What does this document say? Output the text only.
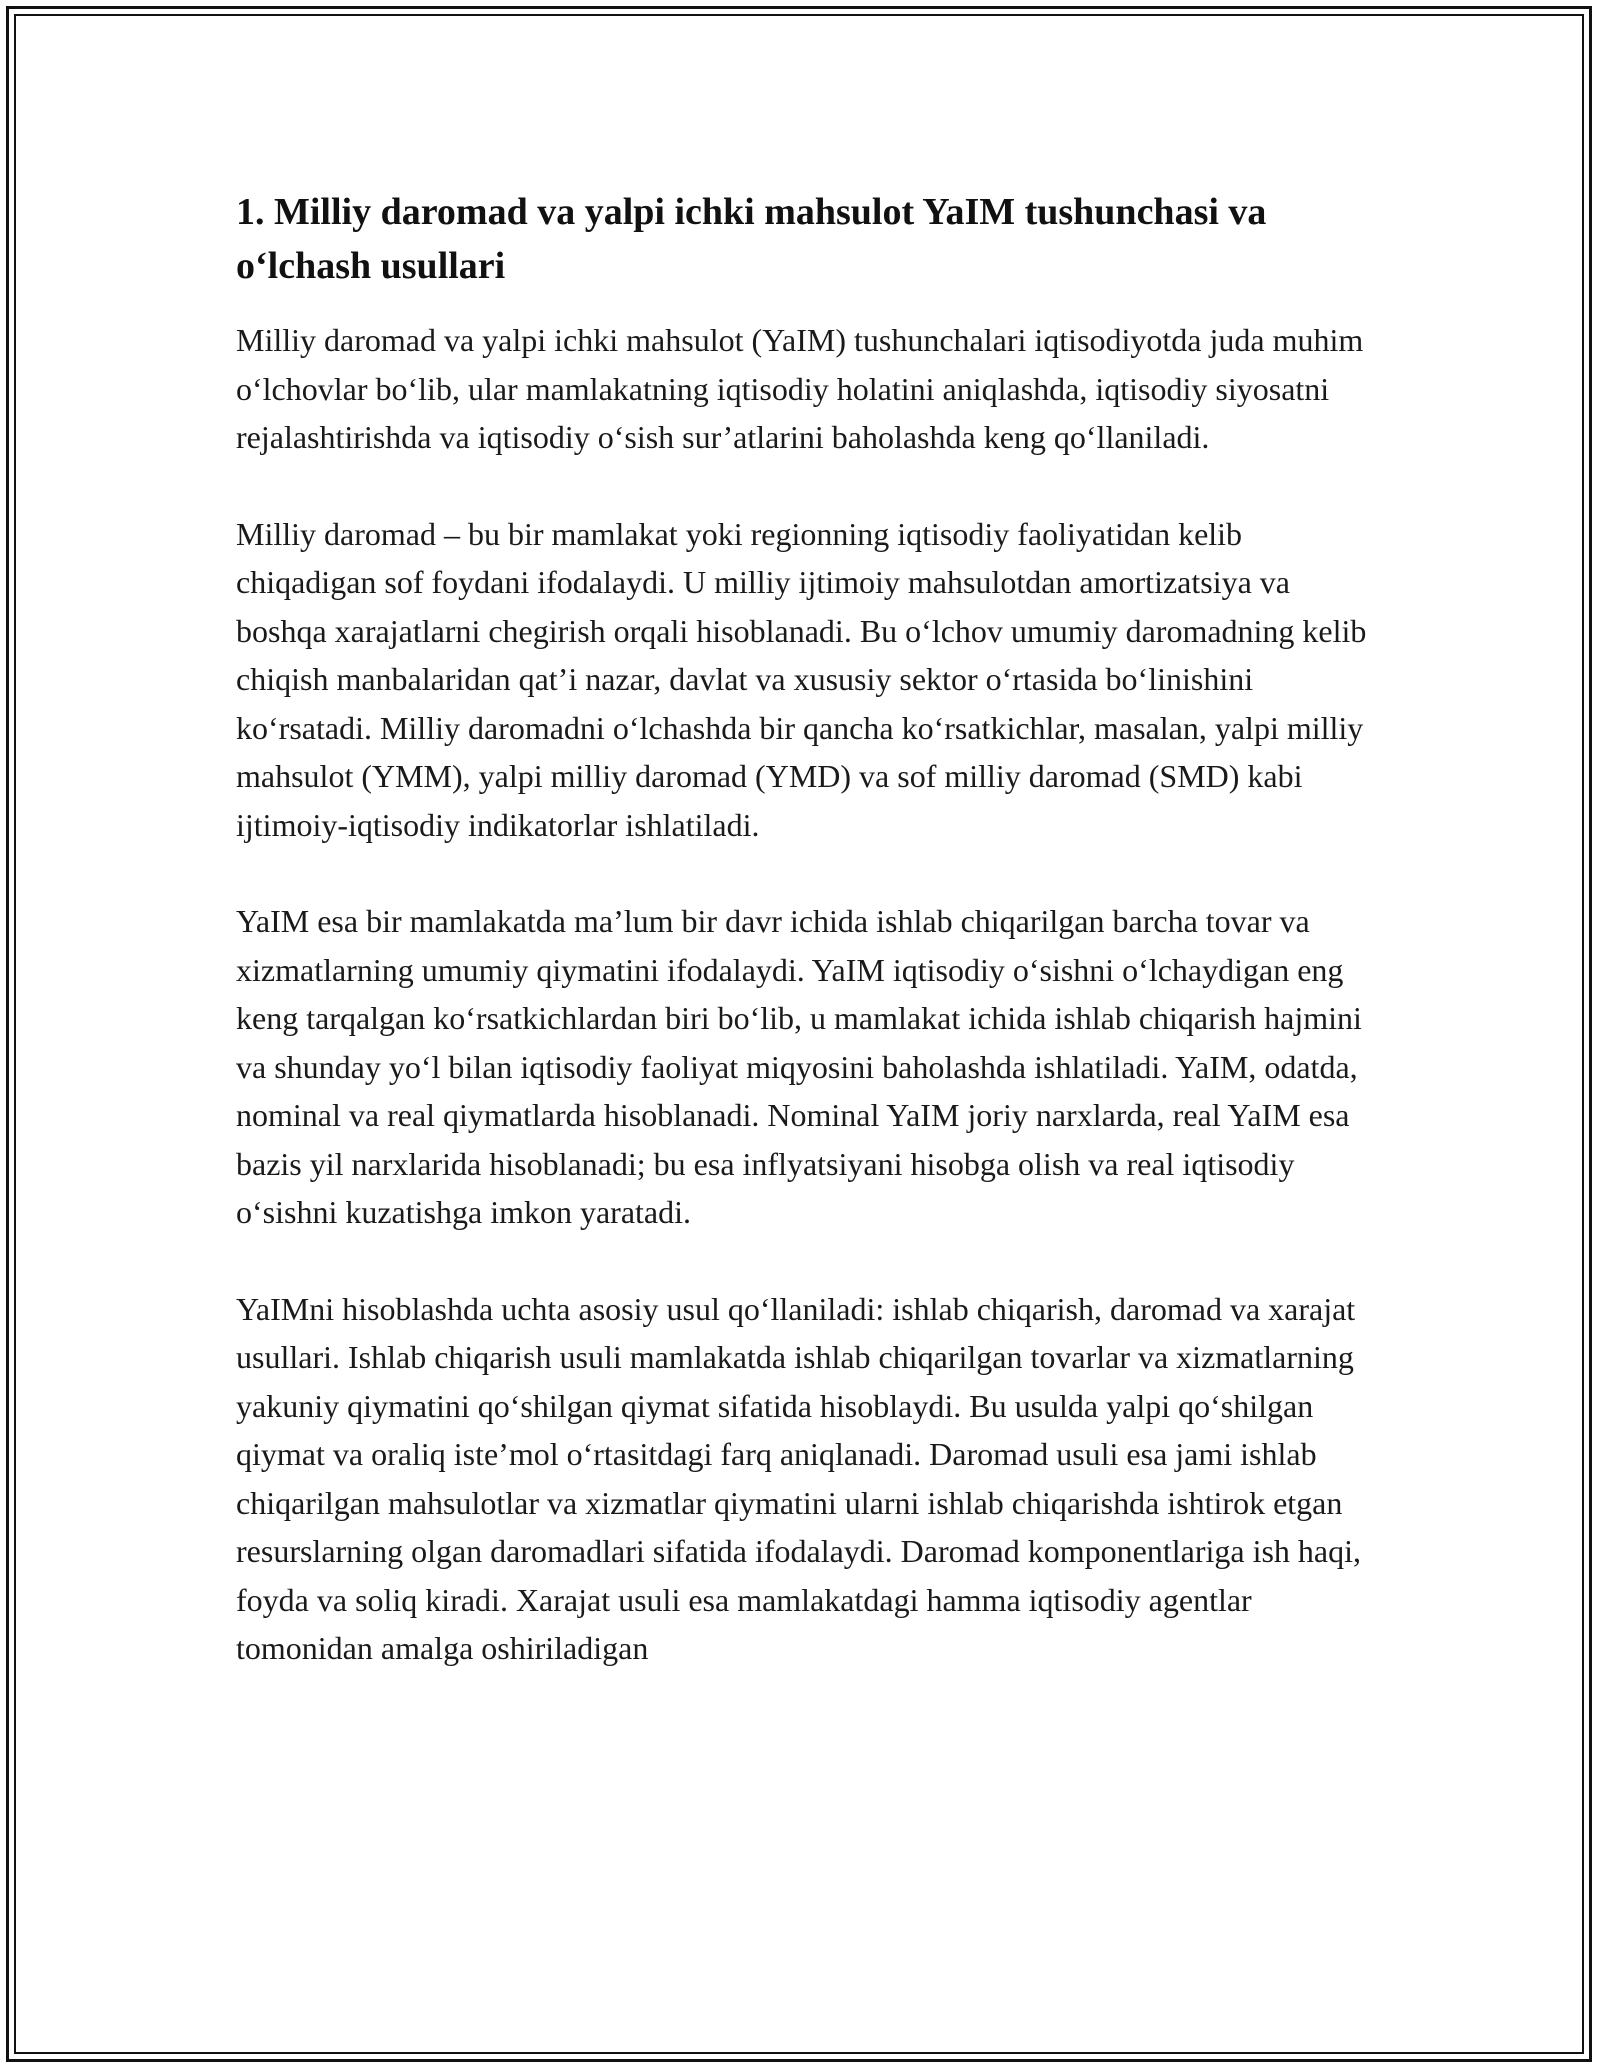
1. Milliy daromad va yalpi ichki mahsulot YaIM tushunchasi va o‘lchash usullari

Milliy daromad va yalpi ichki mahsulot (YaIM) tushunchalari iqtisodiyotda juda muhim o‘lchovlar bo‘lib, ular mamlakatning iqtisodiy holatini aniqlashda, iqtisodiy siyosatni rejalashtirishda va iqtisodiy o‘sish sur’atlarini baholashda keng qo‘llaniladi.

Milliy daromad – bu bir mamlakat yoki regionning iqtisodiy faoliyatidan kelib chiqadigan sof foydani ifodalaydi. U milliy ijtimoiy mahsulotdan amortizatsiya va boshqa xarajatlarni chegirish orqali hisoblanadi. Bu o‘lchov umumiy daromadning kelib chiqish manbalaridan qat’i nazar, davlat va xususiy sektor o‘rtasida bo‘linishini ko‘rsatadi. Milliy daromadni o‘lchashda bir qancha ko‘rsatkichlar, masalan, yalpi milliy mahsulot (YMM), yalpi milliy daromad (YMD) va sof milliy daromad (SMD) kabi ijtimoiy-iqtisodiy indikatorlar ishlatiladi.

YaIM esa bir mamlakatda ma’lum bir davr ichida ishlab chiqarilgan barcha tovar va xizmatlarning umumiy qiymatini ifodalaydi. YaIM iqtisodiy o‘sishni o‘lchaydigan eng keng tarqalgan ko‘rsatkichlardan biri bo‘lib, u mamlakat ichida ishlab chiqarish hajmini va shunday yo‘l bilan iqtisodiy faoliyat miqyosini baholashda ishlatiladi. YaIM, odatda, nominal va real qiymatlarda hisoblanadi. Nominal YaIM joriy narxlarda, real YaIM esa bazis yil narxlarida hisoblanadi; bu esa inflyatsiyani hisobga olish va real iqtisodiy o‘sishni kuzatishga imkon yaratadi.

YaIMni hisoblashda uchta asosiy usul qo‘llaniladi: ishlab chiqarish, daromad va xarajat usullari. Ishlab chiqarish usuli mamlakatda ishlab chiqarilgan tovarlar va xizmatlarning yakuniy qiymatini qo‘shilgan qiymat sifatida hisoblaydi. Bu usulda yalpi qo‘shilgan qiymat va oraliq iste’mol o‘rtasitdagi farq aniqlanadi. Daromad usuli esa jami ishlab chiqarilgan mahsulotlar va xizmatlar qiymatini ularni ishlab chiqarishda ishtirok etgan resurslarning olgan daromadlari sifatida ifodalaydi. Daromad komponentlariga ish haqi, foyda va soliq kiradi. Xarajat usuli esa mamlakatdagi hamma iqtisodiy agentlar tomonidan amalga oshiriladigan
